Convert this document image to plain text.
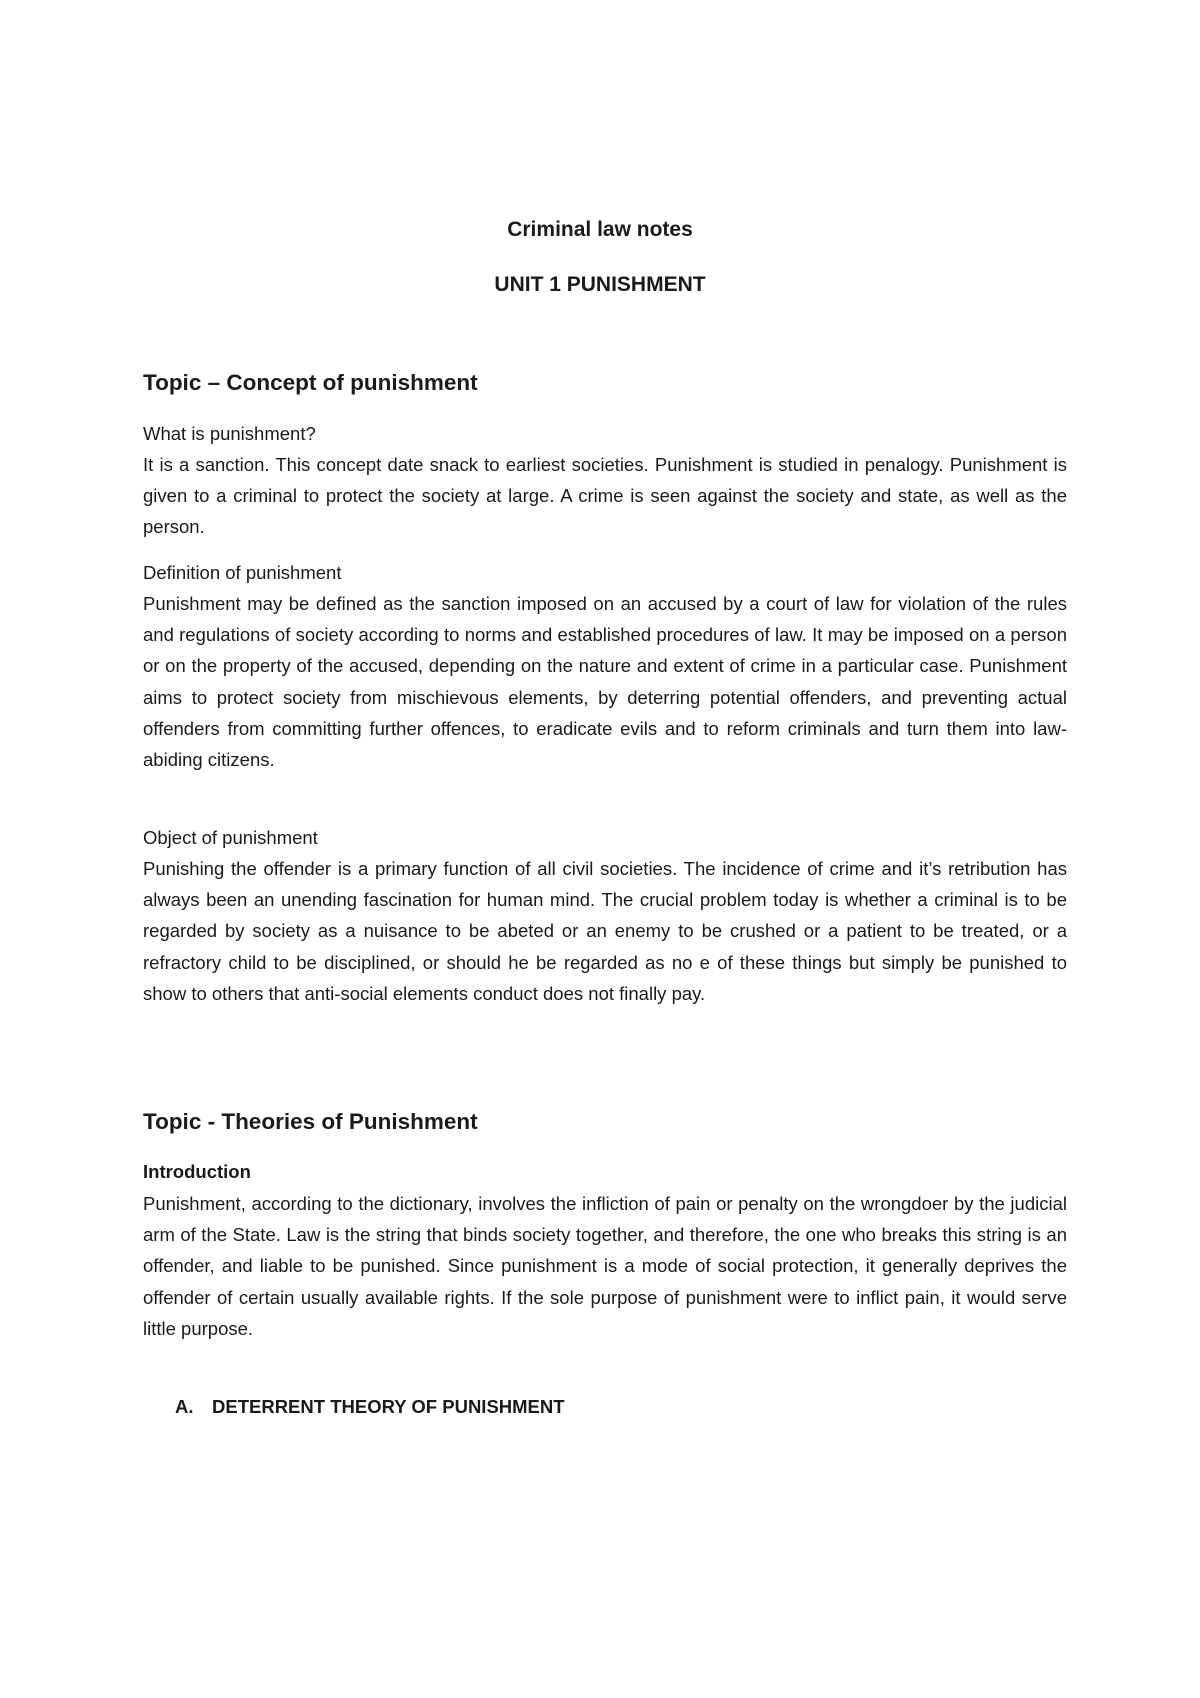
Criminal law notes
UNIT 1 PUNISHMENT
Topic – Concept of punishment
What is punishment?

It is a sanction. This concept date snack to earliest societies. Punishment is studied in penalogy. Punishment is given to a criminal to protect the society at large. A crime is seen against the society and state, as well as the person.

Definition of punishment

Punishment may be defined as the sanction imposed on an accused by a court of law for violation of the rules and regulations of society according to norms and established procedures of law. It may be imposed on a person or on the property of the accused, depending on the nature and extent of crime in a particular case. Punishment aims to protect society from mischievous elements, by deterring potential offenders, and preventing actual offenders from committing further offences, to eradicate evils and to reform criminals and turn them into law-abiding citizens.

Object of punishment

Punishing the offender is a primary function of all civil societies. The incidence of crime and it’s retribution has always been an unending fascination for human mind. The crucial problem today is whether a criminal is to be regarded by society as a nuisance to be abeted or an enemy to be crushed or a patient to be treated, or a refractory child to be disciplined, or should he be regarded as no e of these things but simply be punished to show to others that anti-social elements conduct does not finally pay.

Topic - Theories of Punishment
Introduction

Punishment, according to the dictionary, involves the infliction of pain or penalty on the wrongdoer by the judicial arm of the State. Law is the string that binds society together, and therefore, the one who breaks this string is an offender, and liable to be punished. Since punishment is a mode of social protection, it generally deprives the offender of certain usually available rights. If the sole purpose of punishment were to inflict pain, it would serve little purpose.

A. DETERRENT THEORY OF PUNISHMENT
